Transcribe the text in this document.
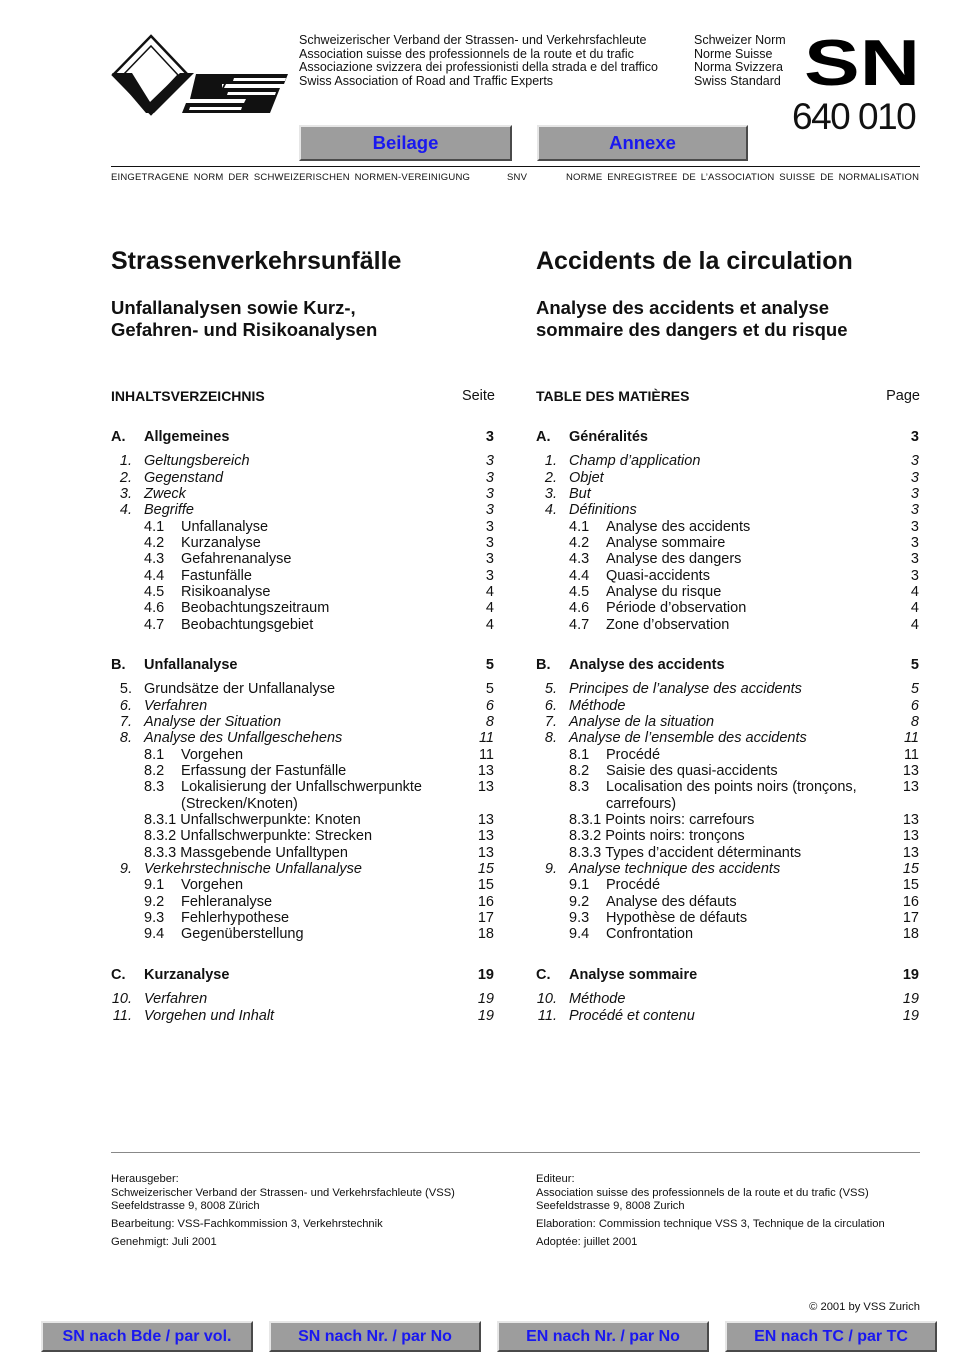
Schweizerischer Verband der Strassen- und Verkehrsfachleute
Association suisse des professionnels de la route et du trafic
Associazione svizzera dei professionisti della strada e del traffico
Swiss Association of Road and Traffic Experts
Schweizer Norm
Norme Suisse
Norma Svizzera
Swiss Standard SN
640 010
Beilage	Annexe
EINGETRAGENE NORM DER SCHWEIZERISCHEN NORMEN-VEREINIGUNG	SNV	NORME ENREGISTREE DE L’ASSOCIATION SUISSE DE NORMALISATION
Strassenverkehrsunfälle	Accidents de la circulation
Unfallanalysen sowie Kurz-,
Gefahren- und Risikoanalysen
Analyse des accidents et analyse
sommaire des dangers et du risque
INHALTSVERZEICHNIS	Seite	TABLE DES MATIÈRES	Page
A. Allgemeines	3
1. Geltungsbereich	3
2. Gegenstand	3
3. Zweck	3
4. Begriffe	3
4.1 Unfallanalyse	3
4.2 Kurzanalyse	3
4.3 Gefahrenanalyse	3
4.4 Fastunfälle	3
4.5 Risikoanalyse	4
4.6 Beobachtungszeitraum	4
4.7 Beobachtungsgebiet	4
B. Unfallanalyse	5
5. Grundsätze der Unfallanalyse	5
6. Verfahren	6
7. Analyse der Situation	8
8. Analyse des Unfallgeschehens	11
8.1 Vorgehen	11
8.2 Erfassung der Fastunfälle	13
8.3 Lokalisierung der Unfallschwerpunkte	13
(Strecken/Knoten)
8.3.1 Unfallschwerpunkte: Knoten	13
8.3.2 Unfallschwerpunkte: Strecken	13
8.3.3 Massgebende Unfalltypen	13
9. Verkehrstechnische Unfallanalyse	15
9.1 Vorgehen	15
9.2 Fehleranalyse	16
9.3 Fehlerhypothese	17
9.4 Gegenüberstellung	18
C. Kurzanalyse	19
10. Verfahren	19
11. Vorgehen und Inhalt	19
A. Généralités	3
1. Champ d’application	3
2. Objet	3
3. But	3
4. Définitions	3
4.1 Analyse des accidents	3
4.2 Analyse sommaire	3
4.3 Analyse des dangers	3
4.4 Quasi-accidents	3
4.5 Analyse du risque	4
4.6 Période d’observation	4
4.7 Zone d’observation	4
B. Analyse des accidents	5
5. Principes de l’analyse des accidents	5
6. Méthode	6
7. Analyse de la situation	8
8. Analyse de l’ensemble des accidents	11
8.1 Procédé	11
8.2 Saisie des quasi-accidents	13
8.3 Localisation des points noirs (tronçons,	13
carrefours)
8.3.1 Points noirs: carrefours	13
8.3.2 Points noirs: tronçons	13
8.3.3 Types d’accident déterminants	13
9. Analyse technique des accidents	15
9.1 Procédé	15
9.2 Analyse des défauts	16
9.3 Hypothèse de défauts	17
9.4 Confrontation	18
C. Analyse sommaire	19
10. Méthode	19
11. Procédé et contenu	19
Herausgeber:
Schweizerischer Verband der Strassen- und Verkehrsfachleute (VSS)
Seefeldstrasse 9, 8008 Zürich
Bearbeitung: VSS-Fachkommission 3, Verkehrstechnik
Genehmigt: Juli 2001
Editeur:
Association suisse des professionnels de la route et du trafic (VSS)
Seefeldstrasse 9, 8008 Zurich
Elaboration: Commission technique VSS 3, Technique de la circulation
Adoptée: juillet 2001
© 2001 by VSS Zurich
SN nach Bde / par vol.	SN nach Nr. / par No	EN nach Nr. / par No	EN nach TC / par TC
